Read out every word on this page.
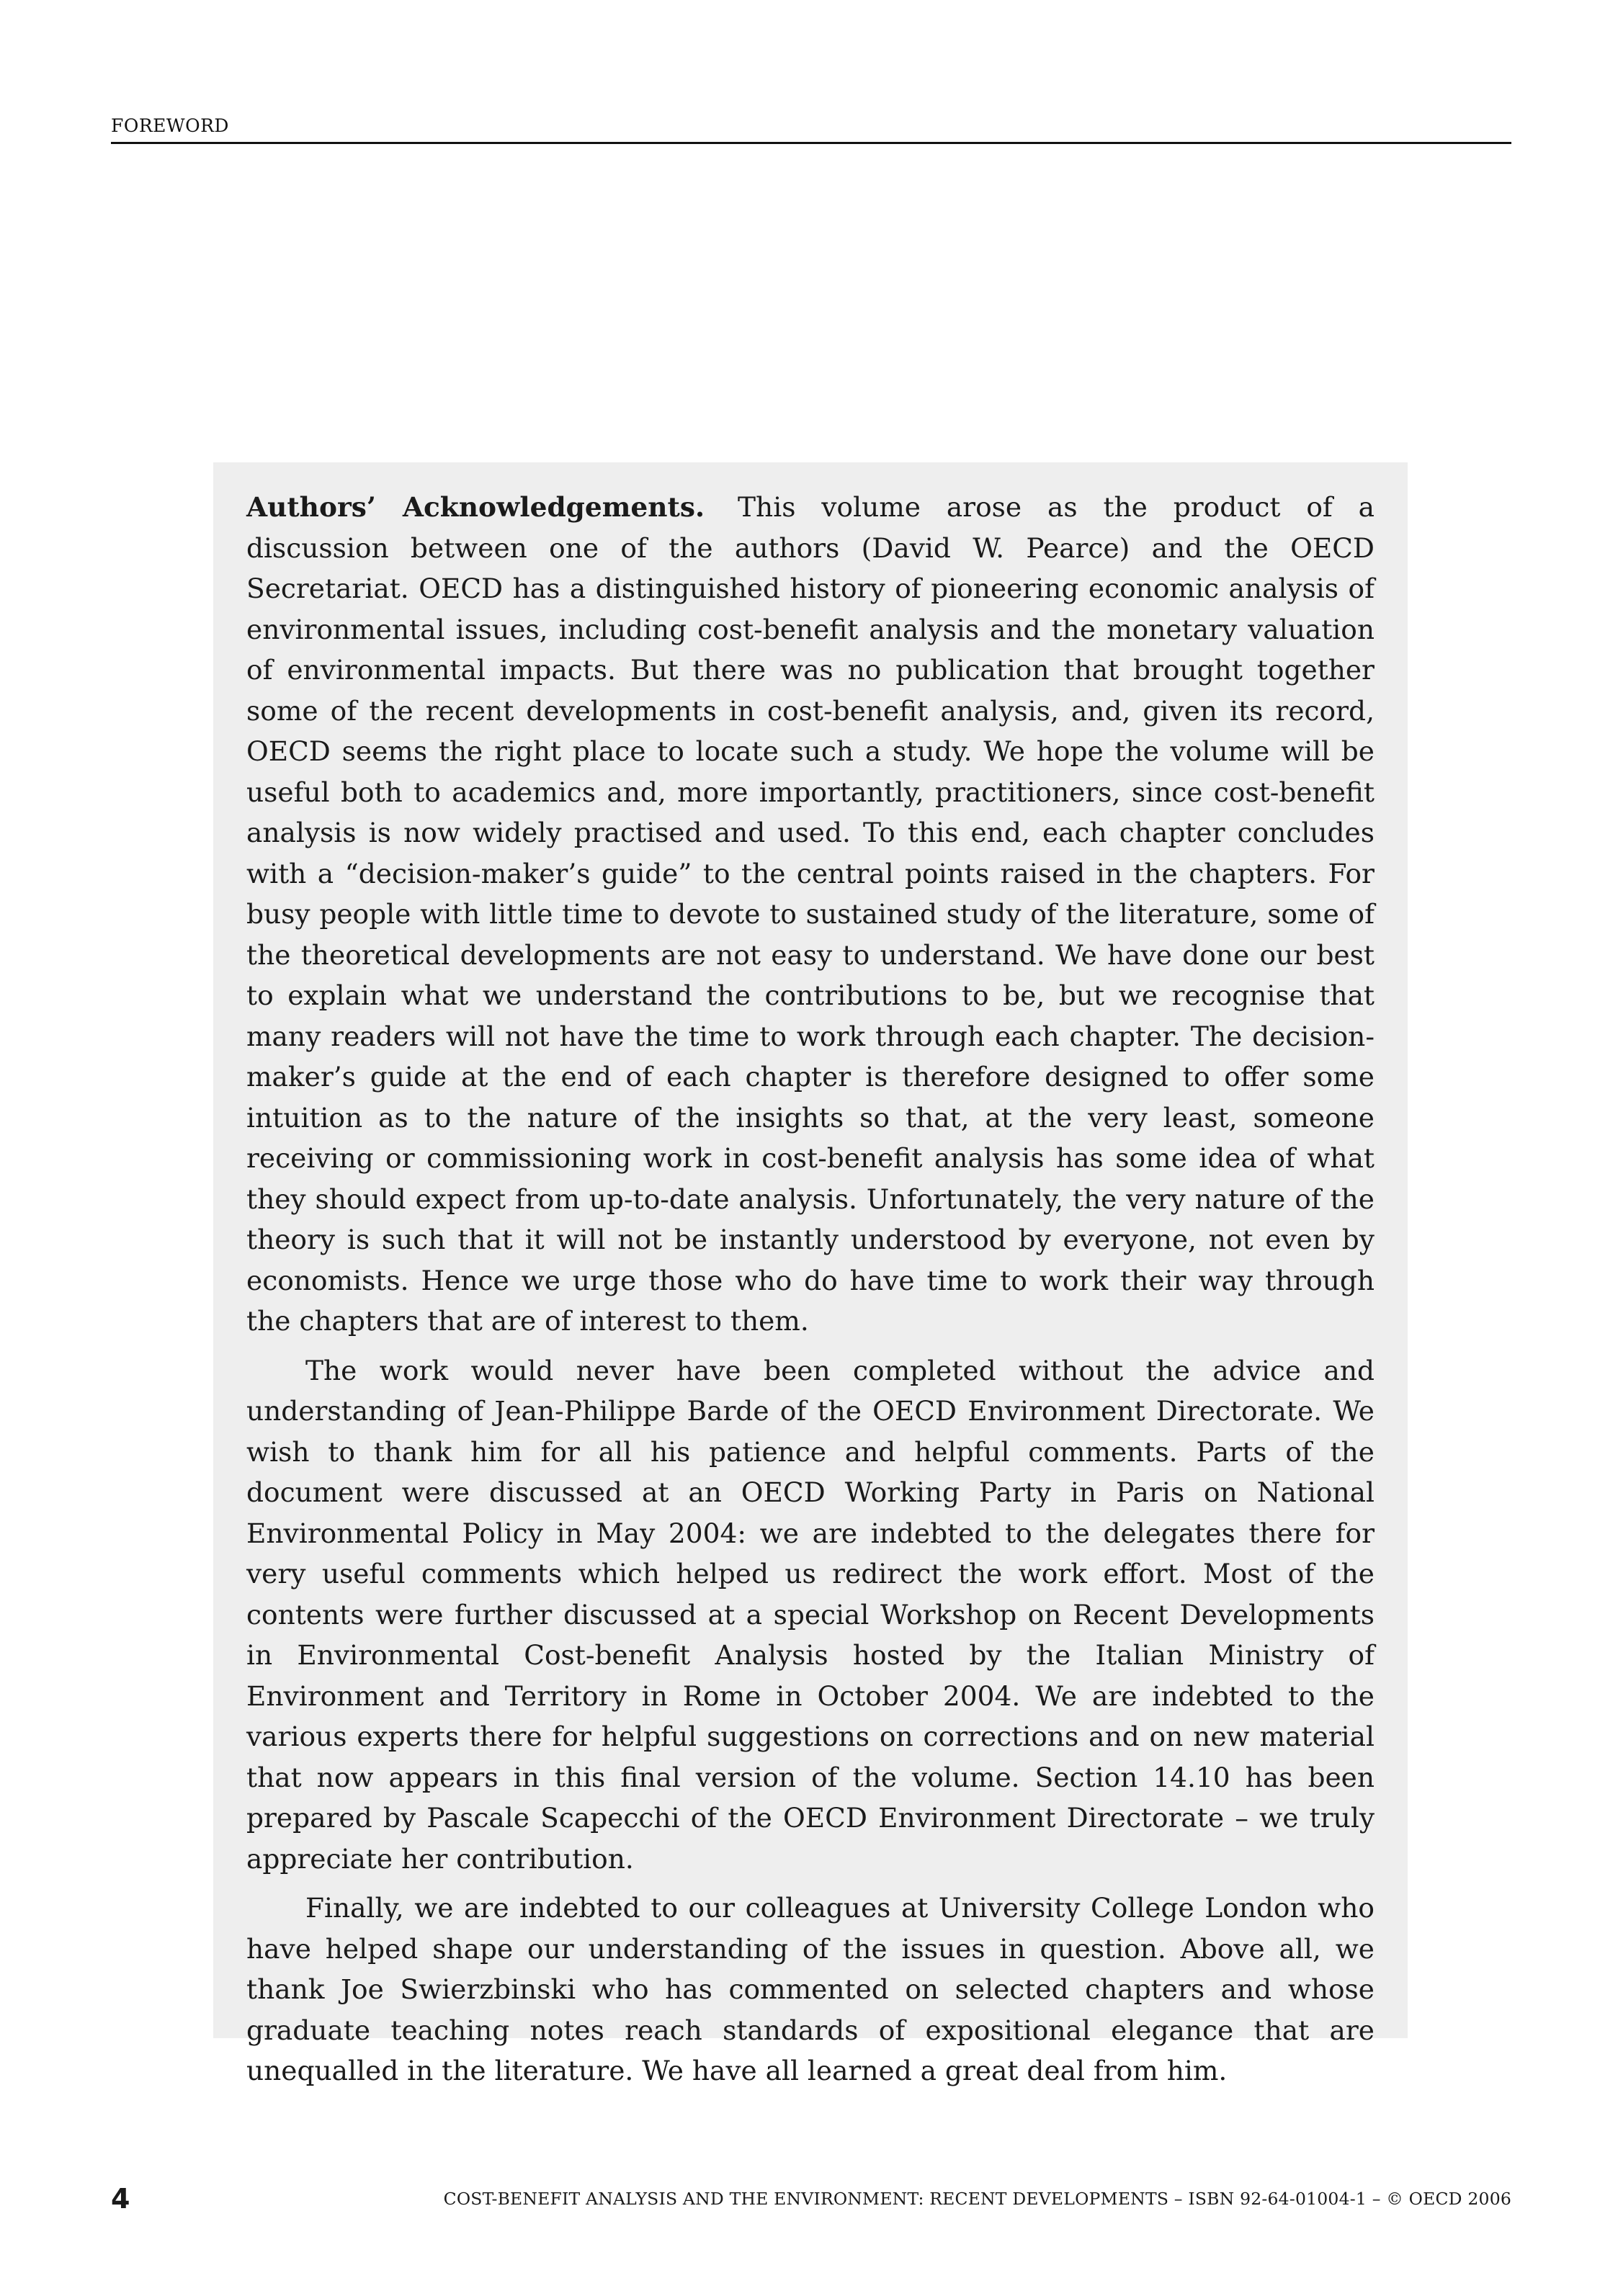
FOREWORD

Authors’ Acknowledgements. This volume arose as the product of a discussion between one of the authors (David W. Pearce) and the OECD Secretariat. OECD has a distinguished history of pioneering economic analysis of environmental issues, including cost-benefit analysis and the monetary valuation of environmental impacts. But there was no publication that brought together some of the recent developments in cost-benefit analysis, and, given its record, OECD seems the right place to locate such a study. We hope the volume will be useful both to academics and, more importantly, practitioners, since cost-benefit analysis is now widely practised and used. To this end, each chapter concludes with a “decision-maker’s guide” to the central points raised in the chapters. For busy people with little time to devote to sustained study of the literature, some of the theoretical developments are not easy to understand. We have done our best to explain what we understand the contributions to be, but we recognise that many readers will not have the time to work through each chapter. The decision-maker’s guide at the end of each chapter is therefore designed to offer some intuition as to the nature of the insights so that, at the very least, someone receiving or commissioning work in cost-benefit analysis has some idea of what they should expect from up-to-date analysis. Unfortunately, the very nature of the theory is such that it will not be instantly understood by everyone, not even by economists. Hence we urge those who do have time to work their way through the chapters that are of interest to them.

The work would never have been completed without the advice and understanding of Jean-Philippe Barde of the OECD Environment Directorate. We wish to thank him for all his patience and helpful comments. Parts of the document were discussed at an OECD Working Party in Paris on National Environmental Policy in May 2004: we are indebted to the delegates there for very useful comments which helped us redirect the work effort. Most of the contents were further discussed at a special Workshop on Recent Developments in Environmental Cost-benefit Analysis hosted by the Italian Ministry of Environment and Territory in Rome in October 2004. We are indebted to the various experts there for helpful suggestions on corrections and on new material that now appears in this final version of the volume. Section 14.10 has been prepared by Pascale Scapecchi of the OECD Environment Directorate – we truly appreciate her contribution.

Finally, we are indebted to our colleagues at University College London who have helped shape our understanding of the issues in question. Above all, we thank Joe Swierzbinski who has commented on selected chapters and whose graduate teaching notes reach standards of expositional elegance that are unequalled in the literature. We have all learned a great deal from him.

4	COST-BENEFIT ANALYSIS AND THE ENVIRONMENT: RECENT DEVELOPMENTS – ISBN 92-64-01004-1 – © OECD 2006
